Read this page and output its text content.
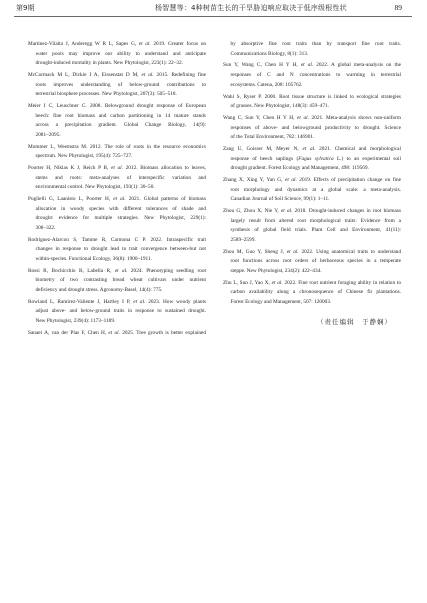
第9期	杨智慧等：4种树苗生长的干旱胁迫响应取决于低序级根性状	89
Martinez-Vilalta J, Anderegg W R L, Sapes G, et al. 2019. Greater focus on
water pools may improve our ability to understand and anticipate
drought-induced mortality in plants. New Phytologist, 223(1): 22–32.
McCormack M L, Dickie I A, Eissenstat D M, et al. 2015. Redefining fine
roots improves understanding of below-ground contributions to
terrestrial biosphere processes. New Phytologist, 207(3): 505–518.
Meier I C, Leuschner C. 2008. Belowground drought response of European
beech: fine root biomass and carbon partitioning in 14 mature stands
across a precipitation gradient. Global Change Biology, 14(9):
2081–2095.
Mommer L, Weemstra M. 2012. The role of roots in the resource economics
spectrum. New Phytologist, 195(4): 725–727.
Poorter H, Niklas K J, Reich P B, et al. 2012. Biomass allocation to leaves,
stems and roots: meta-analyses of interspecific variation and
environmental control. New Phytologist, 193(1): 30–50.
Puglielli G, Laanisto L, Poorter H, et al. 2021. Global patterns of biomass
allocation in woody species with different tolerances of shade and
drought: evidence for multiple strategies. New Phytologist, 229(1):
308–322.
Rodriguez-Alarcon S, Tamme R, Carmona C P. 2022. Intraspecific trait
changes in response to drought lead to trait convergence between-but not
within-species. Functional Ecology, 36(8): 1900–1911.
Rossi R, Bochicchio R, Labella R, et al. 2024. Phenotyping seedling root
biometry of two contrasting bread wheat cultivars under nutrient
deficiency and drought stress. Agronomy-Basel, 14(4): 775.
Rowland L, Ramirez-Valiente J, Hartley I P, et al. 2023. How woody plants
adjust above- and below-ground traits in response to sustained drought.
New Phytologist, 239(4): 1173–1189.
Sanaei A, van der Plas F, Chen H, et al. 2025. Tree growth is better explained
by absorptive fine root traits than by transport fine root traits.
Communications Biology, 8(1): 313.
Sun Y, Wang C, Chen H Y H, et al. 2022. A global meta-analysis on the
responses of C and N concentrations to warming in terrestrial
ecosystems. Catena, 208: 105762.
Wahl S, Ryser P. 2000. Root tissue structure is linked to ecological strategies
of grasses. New Phytologist, 148(3): 459–471.
Wang C, Sun Y, Chen H Y H, et al. 2021. Meta-analysis shows non-uniform
responses of above- and belowground productivity to drought. Science
of the Total Environment, 782: 146901.
Zang U, Goisser M, Meyer N, et al. 2021. Chemical and morphological
response of beech saplings (Fagus sylvatica L.) to an experimental soil
drought gradient. Forest Ecology and Management, 498: 119569.
Zhang X, Xing Y, Yan G, et al. 2019. Effects of precipitation change on fine
root morphology and dynamics at a global scale: a meta-analysis.
Canadian Journal of Soil Science, 99(1): 1–11.
Zhou G, Zhou X, Nie Y, et al. 2018. Drought-induced changes in root biomass
largely result from altered root morphological traits: Evidence from a
synthesis of global field trials. Plant Cell and Environment, 41(11):
2589–2599.
Zhou M, Guo Y, Sheng J, et al. 2022. Using anatomical traits to understand
root functions across root orders of herbaceous species in a temperate
steppe. New Phytologist, 234(2): 422–434.
Zhu L, Sun J, Yao X, et al. 2022. Fine root nutrient foraging ability in relation to
carbon availability along a chronosequence of Chinese fir plantations.
Forest Ecology and Management, 507: 120003.
（责任编辑　于静娴）
